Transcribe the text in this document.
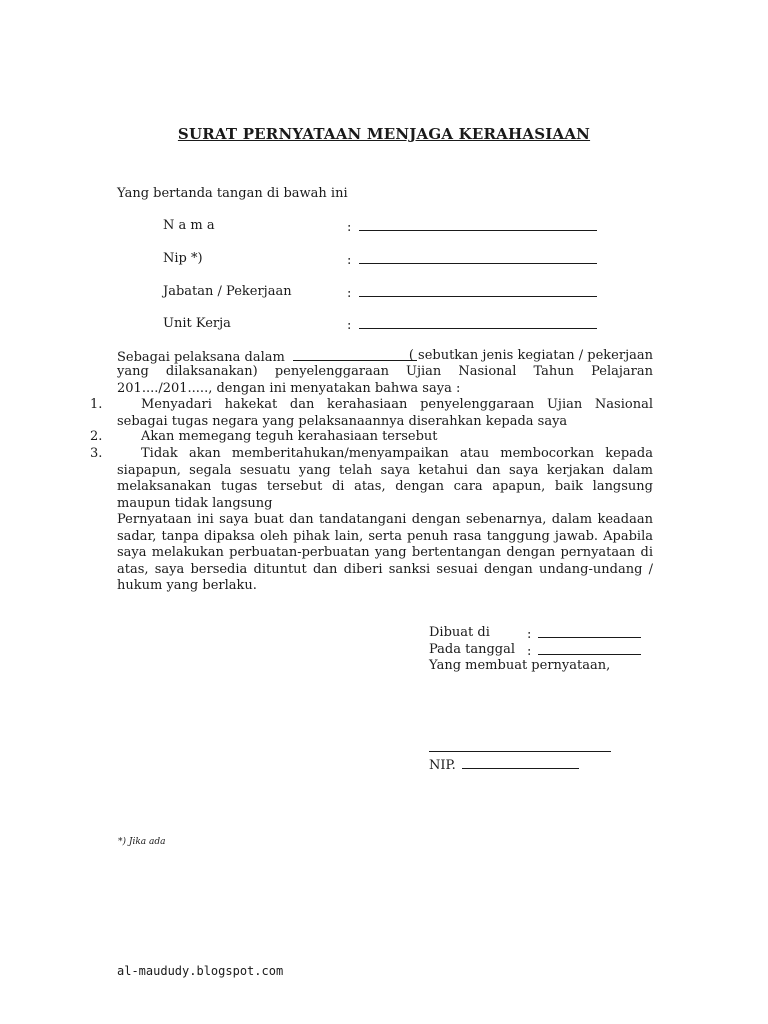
SURAT PERNYATAAN MENJAGA KERAHASIAAN
Yang bertanda tangan di bawah ini
N a m a	:
Nip *)	:
Jabatan / Pekerjaan	:
Unit Kerja	:
Sebagai pelaksana dalam	( sebutkan jenis kegiatan / pekerjaan
yang dilaksanakan) penyelenggaraan Ujian Nasional Tahun Pelajaran
201..../201....., dengan ini menyatakan bahwa saya :
1.	Menyadari hakekat dan kerahasiaan penyelenggaraan Ujian Nasional sebagai tugas negara yang pelaksanaannya diserahkan kepada saya
2.	Akan memegang teguh kerahasiaan tersebut
3.	Tidak akan memberitahukan/menyampaikan atau membocorkan kepada siapapun, segala sesuatu yang telah saya ketahui dan saya kerjakan dalam melaksanakan tugas tersebut di atas, dengan cara apapun, baik langsung maupun tidak langsung
Pernyataan ini saya buat dan tandatangani dengan sebenarnya, dalam keadaan sadar, tanpa dipaksa oleh pihak lain, serta penuh rasa tanggung jawab. Apabila saya melakukan perbuatan-perbuatan yang bertentangan dengan pernyataan di atas, saya bersedia dituntut dan diberi sanksi sesuai dengan undang-undang / hukum yang berlaku.
Dibuat di	:
Pada tanggal :
Yang membuat pernyataan,
NIP.
*) Jika ada
al-maududy.blogspot.com
